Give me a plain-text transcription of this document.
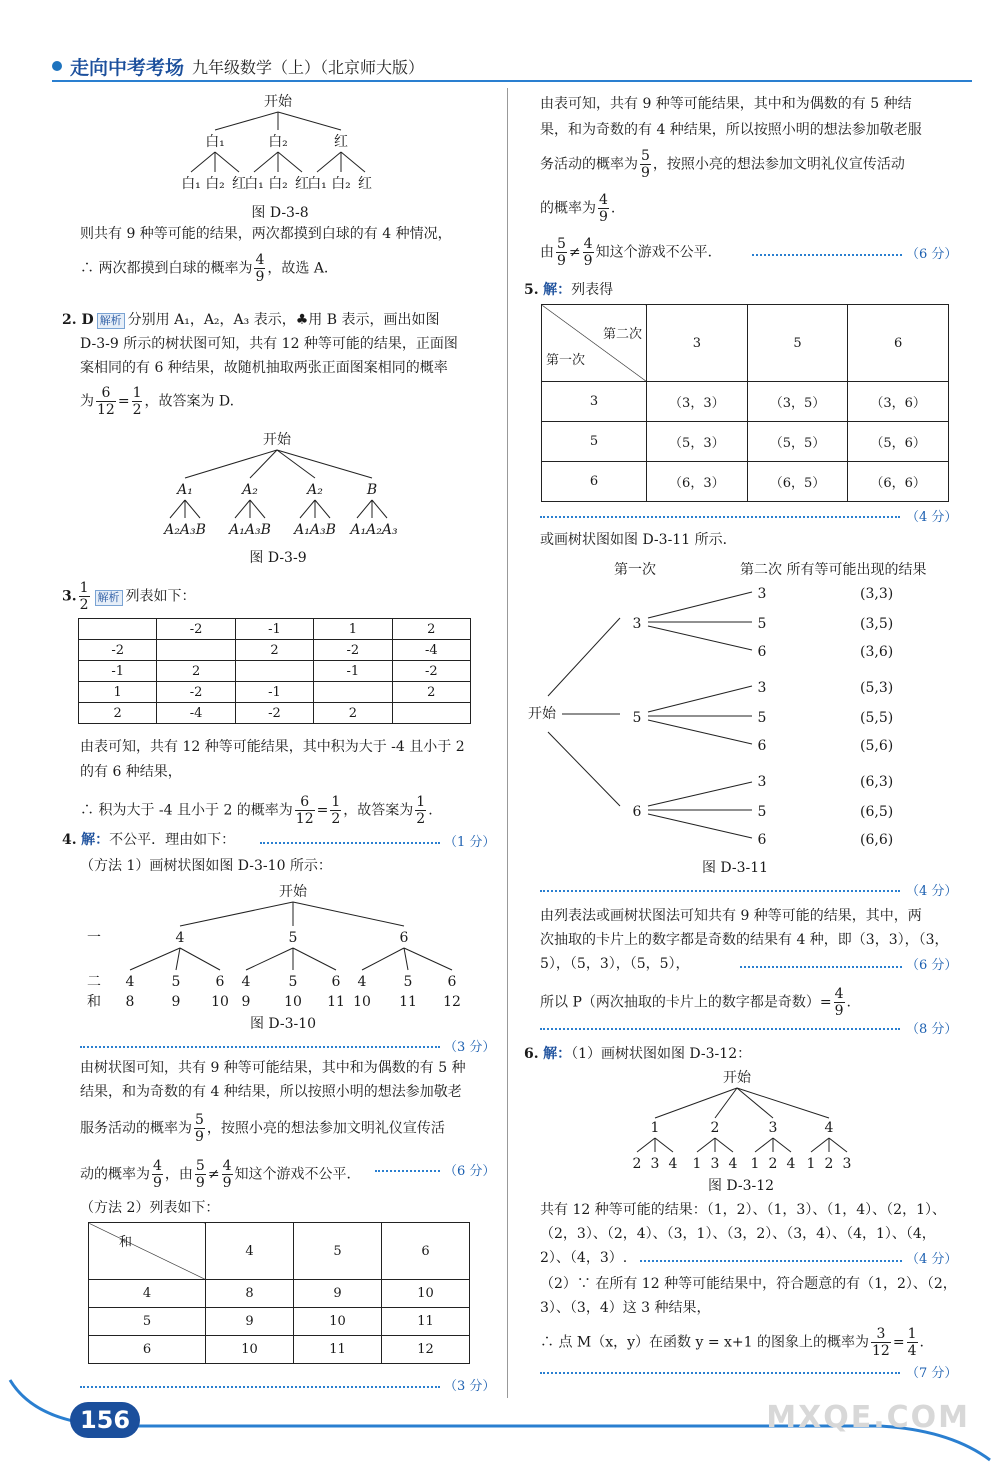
走向中考考场 九年级数学（上）（北京师大版）
开始
白₁	白₂	红
白₁ 白₂ 红
白₁ 白₂ 红
白₁ 白₂ 红
图 D-3-8
则共有 9 种等可能的结果，两次都摸到白球的有 4 种情况，
∴ 两次都摸到白球的概率为 $\frac{4}{9}$ ，故选 A.
2. D 解析 分别用 A₁，A₂，A₃ 表示，♣用 B 表示，画出如图
D-3-9 所示的树状图可知，共有 12 种等可能的结果，正面图
案相同的有 6 种结果，故随机抽取两张正面图案相同的概率
为 $\frac{6}{12} = \frac{1}{2}$ ，故答案为 D.
开始
A₁	A₂	A₂	B
A₂A₃B A₁A₃B A₁A₃B A₁A₂A₃
图 D-3-9
3. $\frac{1}{2}$ 解析 列表如下：
	-2	-1	1	2
-2		2	-2	-4
-1	2		-1	-2
1	-2	-1		2
2	-4	-2	2	
由表可知，共有 12 种等可能结果，其中积为大于 -4 且小于 2
的有 6 种结果，
∴ 积为大于 -4 且小于 2 的概率为 $\frac{6}{12} = \frac{1}{2}$ ，故答案为 $\frac{1}{2}$ .
4. 解：不公平．理由如下：	（1 分）
（方法 1）画树状图如图 D-3-10 所示：
开始
一
二
和
4	5	6
4	5	6 4	5 6 4	5	6
8	9 10 9 10 11 10 11 12
图 D-3-10
（3 分）
由树状图可知，共有 9 种等可能结果，其中和为偶数的有 5 种
结果，和为奇数的有 4 种结果，所以按照小明的想法参加敬老
服务活动的概率为 $\frac{5}{9}$ ，按照小亮的想法参加文明礼仪宣传活
动的概率为 $\frac{4}{9}$ ，由 $\frac{5}{9} \ne \frac{4}{9}$ 知这个游戏不公平．	（6 分）
（方法 2）列表如下：
和	4	5	6
4	8	9	10
5	9	10	11
6	10	11	12
（3 分）
由表可知，共有 9 种等可能结果，其中和为偶数的有 5 种结
果，和为奇数的有 4 种结果，所以按照小明的想法参加敬老服
务活动的概率为 $\frac{5}{9}$ ，按照小亮的想法参加文明礼仪宣传活动
的概率为 $\frac{4}{9}$ .
由 $\frac{5}{9} \ne \frac{4}{9}$ 知这个游戏不公平．	（6 分）
5. 解：列表得
第二次
第一次	3	5	6
3	（3，3）	（3，5）	（3，6）
5	（5，3）	（5，5）	（5，6）
6	（6，3）	（6，5）	（6，6）
（4 分）
或画树状图如图 D-3-11 所示．
第一次	第二次 所有等可能出现的结果
开始
3
5
6
3
5
6
3
5
6
3
5
6
(3,3)
(3,5)
(3,6)
(5,3)
(5,5)
(5,6)
(6,3)
(6,5)
(6,6)
图 D-3-11
（4 分）
由列表法或画树状图法可知共有 9 种等可能的结果，其中，两
次抽取的卡片上的数字都是奇数的结果有 4 种，即（3，3），（3，
5），（5，3），（5，5），	（6 分）
所以 P（两次抽取的卡片上的数字都是奇数）= $\frac{4}{9}$ .
（8 分）
6. 解：（1）画树状图如图 D-3-12：
开始
1	2	3	4
2 3 4 1 3 4 1 2 4 1 2 3
图 D-3-12
共有 12 种等可能的结果：（1，2）、（1，3）、（1，4）、（2，1）、
（2，3）、（2，4）、（3，1）、（3，2）、（3，4）、（4，1）、（4，
2）、（4，3）.	（4 分）
（2）∵ 在所有 12 种等可能结果中，符合题意的有（1，2）、（2，
3）、（3，4）这 3 种结果，
∴ 点 M（x，y）在函数 y = x+1 的图象上的概率为 $\frac{3}{12} = \frac{1}{4}$ .
（7 分）
156	MXQE.COM
